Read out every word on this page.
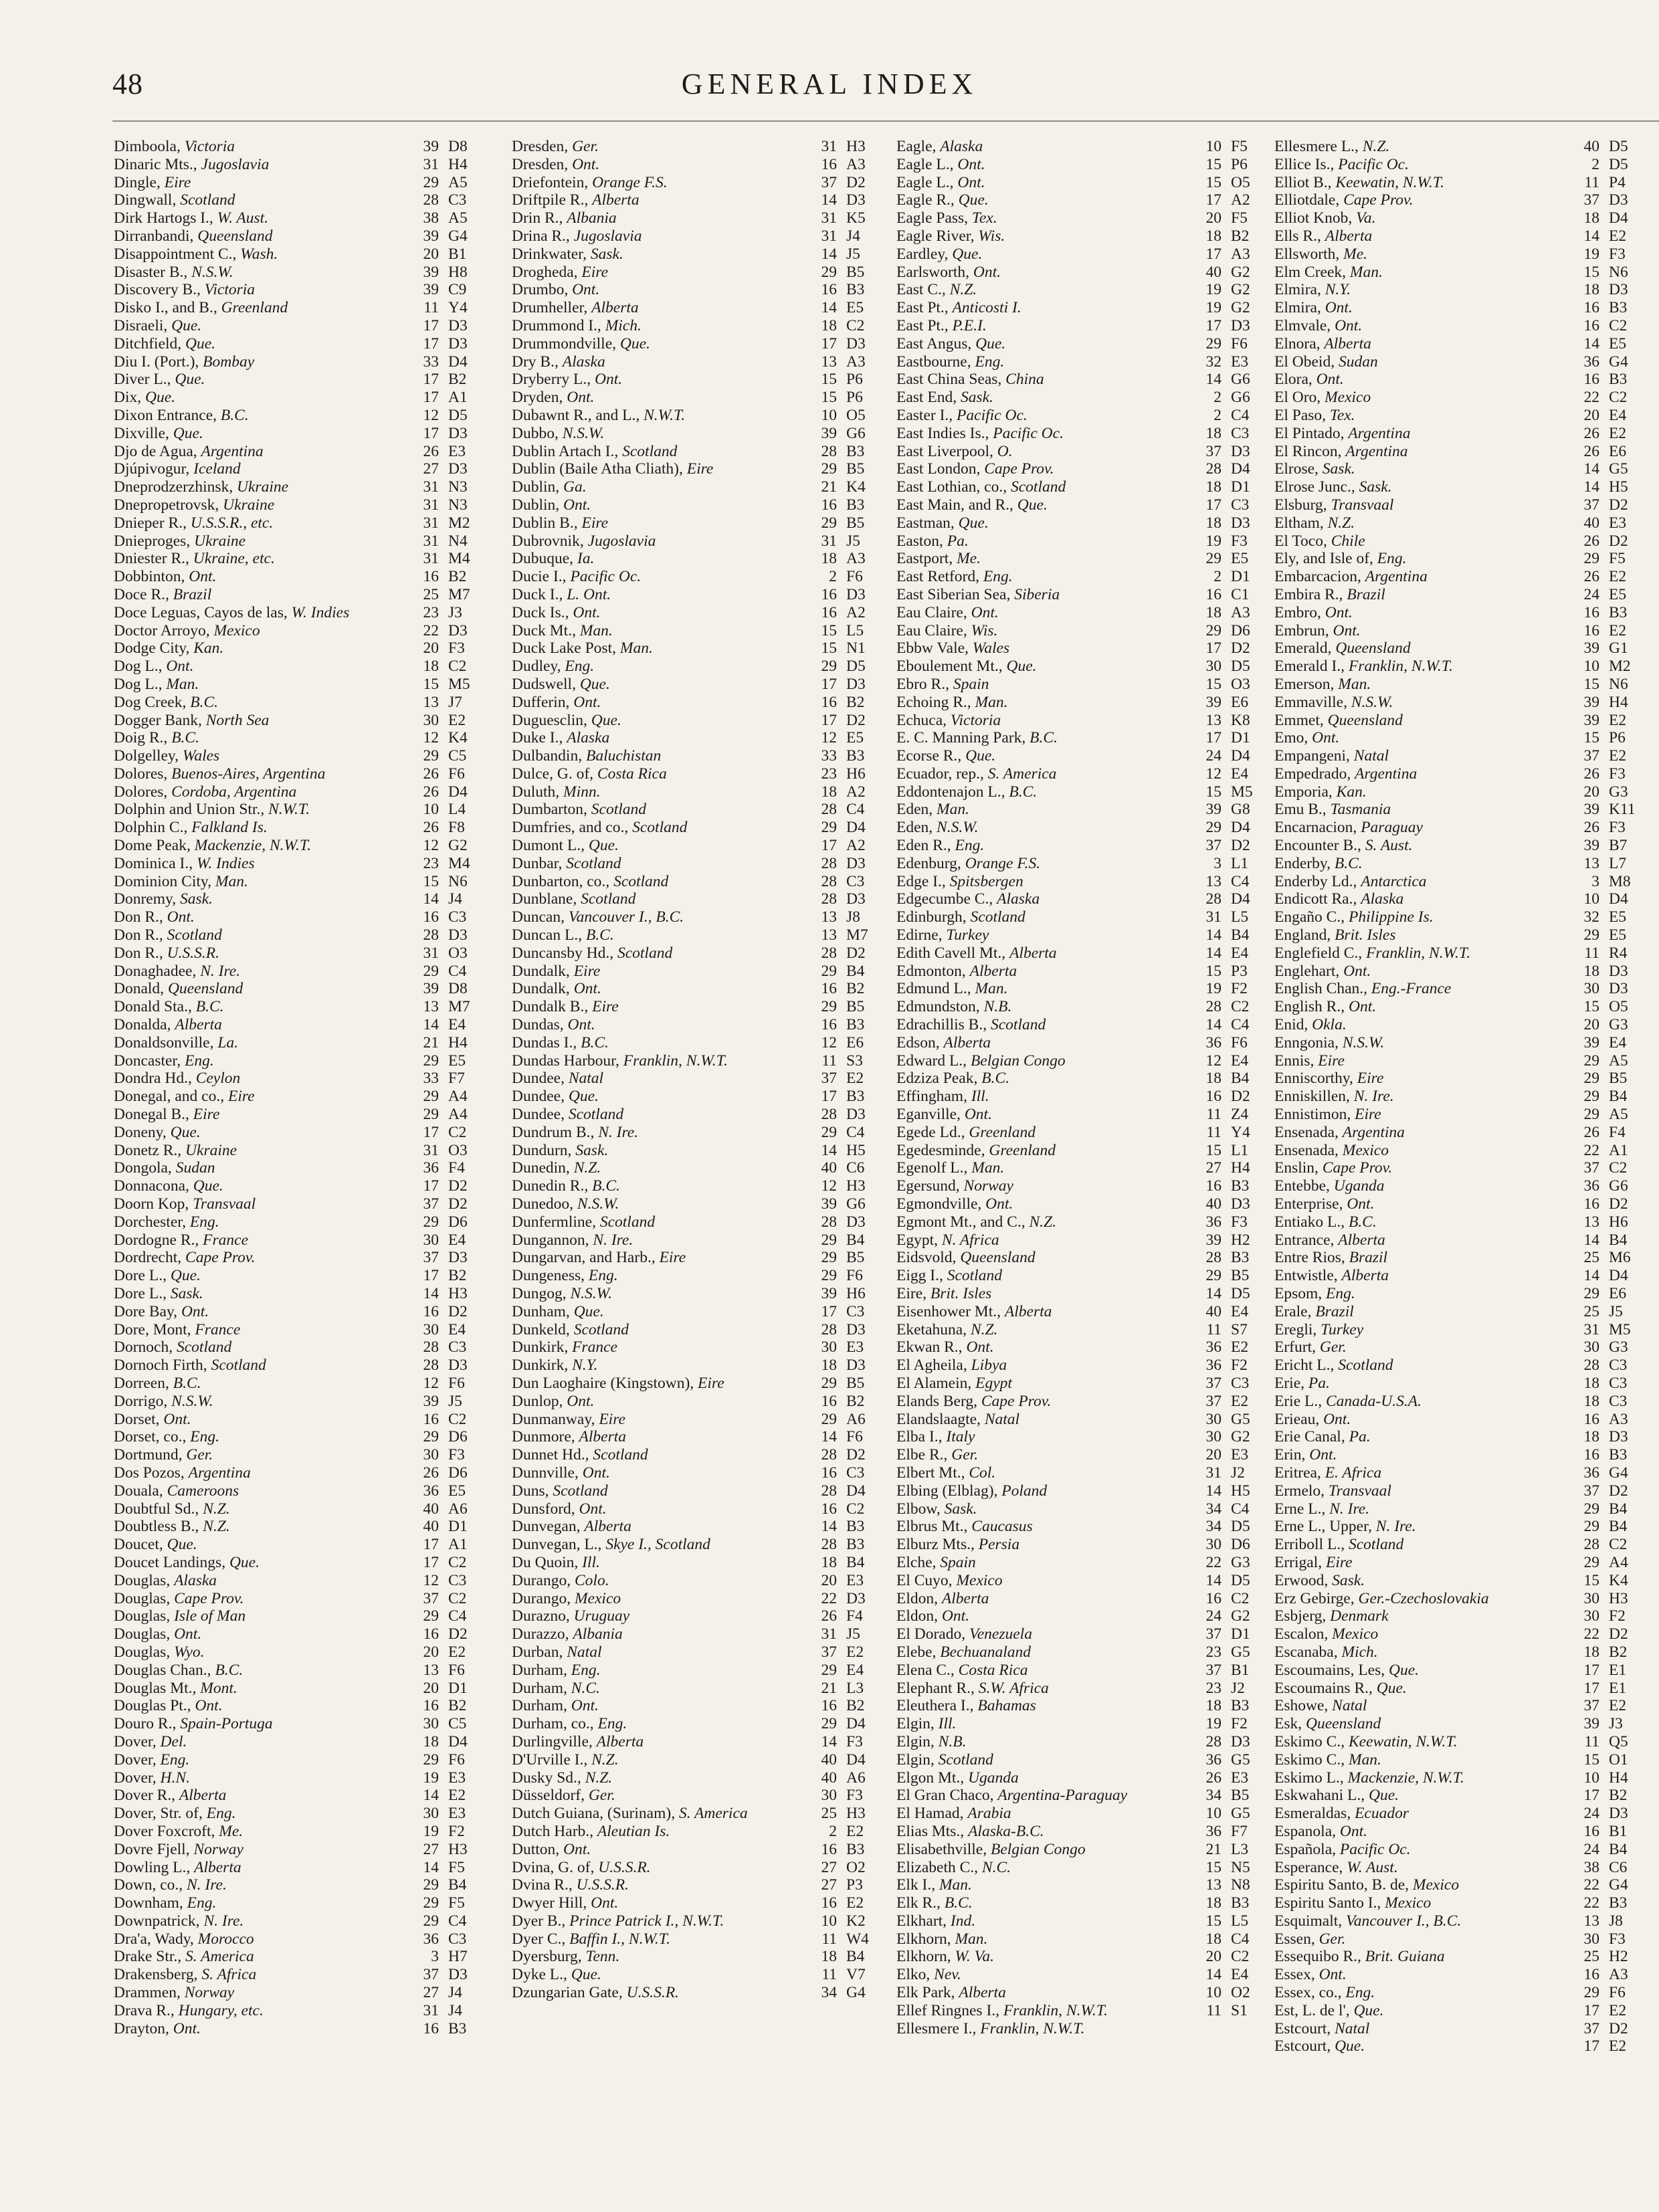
48	GENERAL INDEX
Dimboola, Victoria	39 D8
Dinaric Mts., Jugoslavia	31 H4
Dingle, Eire	29 A5
Dingwall, Scotland	28 C3
Dirk Hartogs I., W. Aust.	38 A5
Dirranbandi, Queensland	39 G4
Disappointment C., Wash.	20 B1
Disaster B., N.S.W.	39 H8
Discovery B., Victoria	39 C9
Disko I., and B., Greenland	11 Y4
Disraeli, Que.	17 D3
Ditchfield, Que.	17 D3
Diu I. (Port.), Bombay	33 D4
Diver L., Que.	17 B2
Dix, Que.	17 A1
Dixon Entrance, B.C.	12 D5
Dixville, Que.	17 D3
Djo de Agua, Argentina	26 E3
Djúpivogur, Iceland	27 D3
Dneprodzerzhinsk, Ukraine	31 N3
Dnepropetrovsk, Ukraine	31 N3
Dnieper R., U.S.S.R., etc.	31 M2
Dnieproges, Ukraine	31 N4
Dniester R., Ukraine, etc.	31 M4
Dobbinton, Ont.	16 B2
Doce R., Brazil	25 M7
Doce Leguas, Cayos de las, W. Indies	23 J3
Doctor Arroyo, Mexico	22 D3
Dodge City, Kan.	20 F3
Dog L., Ont.	18 C2
Dog L., Man.	15 M5
Dog Creek, B.C.	13 J7
Dogger Bank, North Sea	30 E2
Doig R., B.C.	12 K4
Dolgelley, Wales	29 C5
Dolores, Buenos-Aires, Argentina	26 F6
Dolores, Cordoba, Argentina	26 D4
Dolphin and Union Str., N.W.T.	10 L4
Dolphin C., Falkland Is.	26 F8
Dome Peak, Mackenzie, N.W.T.	12 G2
Dominica I., W. Indies	23 M4
Dominion City, Man.	15 N6
Donremy, Sask.	14 J4
Don R., Ont.	16 C3
Don R., Scotland	28 D3
Don R., U.S.S.R.	31 O3
Donaghadee, N. Ire.	29 C4
Donald, Queensland	39 D8
Donald Sta., B.C.	13 M7
Donalda, Alberta	14 E4
Donaldsonville, La.	21 H4
Doncaster, Eng.	29 E5
Dondra Hd., Ceylon	33 F7
Donegal, and co., Eire	29 A4
Donegal B., Eire	29 A4
Doneny, Que.	17 C2
Donetz R., Ukraine	31 O3
Dongola, Sudan	36 F4
Donnacona, Que.	17 D2
Doorn Kop, Transvaal	37 D2
Dorchester, Eng.	29 D6
Dordogne R., France	30 E4
Dordrecht, Cape Prov.	37 D3
Dore L., Que.	17 B2
Dore L., Sask.	14 H3
Dore Bay, Ont.	16 D2
Dore, Mont, France	30 E4
Dornoch, Scotland	28 C3
Dornoch Firth, Scotland	28 D3
Dorreen, B.C.	12 F6
Dorrigo, N.S.W.	39 J5
Dorset, Ont.	16 C2
Dorset, co., Eng.	29 D6
Dortmund, Ger.	30 F3
Dos Pozos, Argentina	26 D6
Douala, Cameroons	36 E5
Doubtful Sd., N.Z.	40 A6
Doubtless B., N.Z.	40 D1
Doucet, Que.	17 A1
Doucet Landings, Que.	17 C2
Douglas, Alaska	12 C3
Douglas, Cape Prov.	37 C2
Douglas, Isle of Man	29 C4
Douglas, Ont.	16 D2
Douglas, Wyo.	20 E2
Douglas Chan., B.C.	13 F6
Douglas Mt., Mont.	20 D1
Douglas Pt., Ont.	16 B2
Douro R., Spain-Portuga	30 C5
Dover, Del.	18 D4
Dover, Eng.	29 F6
Dover, H.N.	19 E3
Dover R., Alberta	14 E2
Dover, Str. of, Eng.	30 E3
Dover Foxcroft, Me.	19 F2
Dovre Fjell, Norway	27 H3
Dowling L., Alberta	14 F5
Down, co., N. Ire.	29 B4
Downham, Eng.	29 F5
Downpatrick, N. Ire.	29 C4
Dra'a, Wady, Morocco	36 C3
Drake Str., S. America	3 H7
Drakensberg, S. Africa	37 D3
Drammen, Norway	27 J4
Drava R., Hungary, etc.	31 J4
Drayton, Ont.	16 B3
Dresden, Ger.	31 H3
Dresden, Ont.	16 A3
Driefontein, Orange F.S.	37 D2
Driftpile R., Alberta	14 D3
Drin R., Albania	31 K5
Drina R., Jugoslavia	31 J4
Drinkwater, Sask.	14 J5
Drogheda, Eire	29 B5
Drumbo, Ont.	16 B3
Drumheller, Alberta	14 E5
Drummond I., Mich.	18 C2
Drummondville, Que.	17 D3
Dry B., Alaska	13 A3
Dryberry L., Ont.	15 P6
Dryden, Ont.	15 P6
Dubawnt R., and L., N.W.T.	10 O5
Dubbo, N.S.W.	39 G6
Dublin Artach I., Scotland	28 B3
Dublin (Baile Atha Cliath), Eire	29 B5
Dublin, Ga.	21 K4
Dublin, Ont.	16 B3
Dublin B., Eire	29 B5
Dubrovnik, Jugoslavia	31 J5
Dubuque, Ia.	18 A3
Ducie I., Pacific Oc.	2 F6
Duck I., L. Ont.	16 D3
Duck Is., Ont.	16 A2
Duck Mt., Man.	15 L5
Duck Lake Post, Man.	15 N1
Dudley, Eng.	29 D5
Dudswell, Que.	17 D3
Dufferin, Ont.	16 B2
Duguesclin, Que.	17 D2
Duke I., Alaska	12 E5
Dulbandin, Baluchistan	33 B3
Dulce, G. of, Costa Rica	23 H6
Duluth, Minn.	18 A2
Dumbarton, Scotland	28 C4
Dumfries, and co., Scotland	29 D4
Dumont L., Que.	17 A2
Dunbar, Scotland	28 D3
Dunbarton, co., Scotland	28 C3
Dunblane, Scotland	28 D3
Duncan, Vancouver I., B.C.	13 J8
Duncan L., B.C.	13 M7
Duncansby Hd., Scotland	28 D2
Dundalk, Eire	29 B4
Dundalk, Ont.	16 B2
Dundalk B., Eire	29 B5
Dundas, Ont.	16 B3
Dundas I., B.C.	12 E6
Dundas Harbour, Franklin, N.W.T.	11 S3
Dundee, Natal	37 E2
Dundee, Que.	17 B3
Dundee, Scotland	28 D3
Dundrum B., N. Ire.	29 C4
Dundurn, Sask.	14 H5
Dunedin, N.Z.	40 C6
Dunedin R., B.C.	12 H3
Dunedoo, N.S.W.	39 G6
Dunfermline, Scotland	28 D3
Dungannon, N. Ire.	29 B4
Dungarvan, and Harb., Eire	29 B5
Dungeness, Eng.	29 F6
Dungog, N.S.W.	39 H6
Dunham, Que.	17 C3
Dunkeld, Scotland	28 D3
Dunkirk, France	30 E3
Dunkirk, N.Y.	18 D3
Dun Laoghaire (Kingstown), Eire	29 B5
Dunlop, Ont.	16 B2
Dunmanway, Eire	29 A6
Dunmore, Alberta	14 F6
Dunnet Hd., Scotland	28 D2
Dunnville, Ont.	16 C3
Duns, Scotland	28 D4
Dunsford, Ont.	16 C2
Dunvegan, Alberta	14 B3
Dunvegan, L., Skye I., Scotland	28 B3
Du Quoin, Ill.	18 B4
Durango, Colo.	20 E3
Durango, Mexico	22 D3
Durazno, Uruguay	26 F4
Durazzo, Albania	31 J5
Durban, Natal	37 E2
Durham, Eng.	29 E4
Durham, N.C.	21 L3
Durham, Ont.	16 B2
Durham, co., Eng.	29 D4
Durlingville, Alberta	14 F3
D'Urville I., N.Z.	40 D4
Dusky Sd., N.Z.	40 A6
Düsseldorf, Ger.	30 F3
Dutch Guiana, (Surinam), S. America	25 H3
Dutch Harb., Aleutian Is.	2 E2
Dutton, Ont.	16 B3
Dvina, G. of, U.S.S.R.	27 O2
Dvina R., U.S.S.R.	27 P3
Dwyer Hill, Ont.	16 E2
Dyer B., Prince Patrick I., N.W.T.	10 K2
Dyer C., Baffin I., N.W.T.	11 W4
Dyersburg, Tenn.	18 B4
Dyke L., Que.	11 V7
Dzungarian Gate, U.S.S.R.	34 G4
Eagle, Alaska	10 F5
Eagle L., Ont.	15 P6
Eagle L., Ont.	15 O5
Eagle R., Que.	17 A2
Eagle Pass, Tex.	20 F5
Eagle River, Wis.	18 B2
Eardley, Que.	17 A3
Earlsworth, Ont.	40 G2
East C., N.Z.	19 G2
East Pt., Anticosti I.	19 G2
East Pt., P.E.I.	17 D3
East Angus, Que.	29 F6
Eastbourne, Eng.	32 E3
East China Seas, China	14 G6
East End, Sask.	2 G6
Easter I., Pacific Oc.	2 C4
East Indies Is., Pacific Oc.	18 C3
East Liverpool, O.	37 D3
East London, Cape Prov.	28 D4
East Lothian, co., Scotland	18 D1
East Main, and R., Que.	17 C3
Eastman, Que.	18 D3
Easton, Pa.	19 F3
Eastport, Me.	29 E5
East Retford, Eng.	2 D1
East Siberian Sea, Siberia	16 C1
Eau Claire, Ont.	18 A3
Eau Claire, Wis.	29 D6
Ebbw Vale, Wales	17 D2
Eboulement Mt., Que.	30 D5
Ebro R., Spain	15 O3
Echoing R., Man.	39 E6
Echuca, Victoria	13 K8
E. C. Manning Park, B.C.	17 D1
Ecorse R., Que.	24 D4
Ecuador, rep., S. America	12 E4
Eddontenajon L., B.C.	15 M5
Eden, Man.	39 G8
Eden, N.S.W.	29 D4
Eden R., Eng.	37 D2
Edenburg, Orange F.S.	3 L1
Edge I., Spitsbergen	13 C4
Edgecumbe C., Alaska	28 D4
Edinburgh, Scotland	31 L5
Edirne, Turkey	14 B4
Edith Cavell Mt., Alberta	14 E4
Edmonton, Alberta	15 P3
Edmund L., Man.	19 F2
Edmundston, N.B.	28 C2
Edrachillis B., Scotland	14 C4
Edson, Alberta	36 F6
Edward L., Belgian Congo	12 E4
Edziza Peak, B.C.	18 B4
Effingham, Ill.	16 D2
Eganville, Ont.	11 Z4
Egede Ld., Greenland	11 Y4
Egedesminde, Greenland	15 L1
Egenolf L., Man.	27 H4
Egersund, Norway	16 B3
Egmondville, Ont.	40 D3
Egmont Mt., and C., N.Z.	36 F3
Egypt, N. Africa	39 H2
Eidsvold, Queensland	28 B3
Eigg I., Scotland	29 B5
Eire, Brit. Isles	14 D5
Eisenhower Mt., Alberta	40 E4
Eketahuna, N.Z.	11 S7
Ekwan R., Ont.	36 E2
El Agheila, Libya	36 F2
El Alamein, Egypt	37 C3
Elands Berg, Cape Prov.	37 E2
Elandslaagte, Natal	30 G5
Elba I., Italy	30 G2
Elbe R., Ger.	20 E3
Elbert Mt., Col.	31 J2
Elbing (Elblag), Poland	14 H5
Elbow, Sask.	34 C4
Elbrus Mt., Caucasus	34 D5
Elburz Mts., Persia	30 D6
Elche, Spain	22 G3
El Cuyo, Mexico	14 D5
Eldon, Alberta	16 C2
Eldon, Ont.	24 G2
El Dorado, Venezuela	37 D1
Elebe, Bechuanaland	23 G5
Elena C., Costa Rica	37 B1
Elephant R., S.W. Africa	23 J2
Eleuthera I., Bahamas	18 B3
Elgin, Ill.	19 F2
Elgin, N.B.	28 D3
Elgin, Scotland	36 G5
Elgon Mt., Uganda	26 E3
El Gran Chaco, Argentina-Paraguay	34 B5
El Hamad, Arabia	10 G5
Elias Mts., Alaska-B.C.	36 F7
Elisabethville, Belgian Congo	21 L3
Elizabeth C., N.C.	15 N5
Elk I., Man.	13 N8
Elk R., B.C.	18 B3
Elkhart, Ind.	15 L5
Elkhorn, Man.	18 C4
Elkhorn, W. Va.	20 C2
Elko, Nev.	14 E4
Elk Park, Alberta	10 O2
Ellef Ringnes I., Franklin, N.W.T.	11 S1
Ellesmere I., Franklin, N.W.T.
Ellesmere L., N.Z.	40 D5
Ellice Is., Pacific Oc.	2 D5
Elliot B., Keewatin, N.W.T.	11 P4
Elliotdale, Cape Prov.	37 D3
Elliot Knob, Va.	18 D4
Ells R., Alberta	14 E2
Ellsworth, Me.	19 F3
Elm Creek, Man.	15 N6
Elmira, N.Y.	18 D3
Elmira, Ont.	16 B3
Elmvale, Ont.	16 C2
Elnora, Alberta	14 E5
El Obeid, Sudan	36 G4
Elora, Ont.	16 B3
El Oro, Mexico	22 C2
El Paso, Tex.	20 E4
El Pintado, Argentina	26 E2
El Rincon, Argentina	26 E6
Elrose, Sask.	14 G5
Elrose Junc., Sask.	14 H5
Elsburg, Transvaal	37 D2
Eltham, N.Z.	40 E3
El Toco, Chile	26 D2
Ely, and Isle of, Eng.	29 F5
Embarcacion, Argentina	26 E2
Embira R., Brazil	24 E5
Embro, Ont.	16 B3
Embrun, Ont.	16 E2
Emerald, Queensland	39 G1
Emerald I., Franklin, N.W.T.	10 M2
Emerson, Man.	15 N6
Emmaville, N.S.W.	39 H4
Emmet, Queensland	39 E2
Emo, Ont.	15 P6
Empangeni, Natal	37 E2
Empedrado, Argentina	26 F3
Emporia, Kan.	20 G3
Emu B., Tasmania	39 K11
Encarnacion, Paraguay	26 F3
Encounter B., S. Aust.	39 B7
Enderby, B.C.	13 L7
Enderby Ld., Antarctica	3 M8
Endicott Ra., Alaska	10 D4
Engaño C., Philippine Is.	32 E5
England, Brit. Isles	29 E5
Englefield C., Franklin, N.W.T.	11 R4
Englehart, Ont.	18 D3
English Chan., Eng.-France	30 D3
English R., Ont.	15 O5
Enid, Okla.	20 G3
Enngonia, N.S.W.	39 E4
Ennis, Eire	29 A5
Enniscorthy, Eire	29 B5
Enniskillen, N. Ire.	29 B4
Ennistimon, Eire	29 A5
Ensenada, Argentina	26 F4
Ensenada, Mexico	22 A1
Enslin, Cape Prov.	37 C2
Entebbe, Uganda	36 G6
Enterprise, Ont.	16 D2
Entiako L., B.C.	13 H6
Entrance, Alberta	14 B4
Entre Rios, Brazil	25 M6
Entwistle, Alberta	14 D4
Epsom, Eng.	29 E6
Erale, Brazil	25 J5
Eregli, Turkey	31 M5
Erfurt, Ger.	30 G3
Ericht L., Scotland	28 C3
Erie, Pa.	18 C3
Erie L., Canada-U.S.A.	18 C3
Erieau, Ont.	16 A3
Erie Canal, Pa.	18 D3
Erin, Ont.	16 B3
Eritrea, E. Africa	36 G4
Ermelo, Transvaal	37 D2
Erne L., N. Ire.	29 B4
Erne L., Upper, N. Ire.	29 B4
Erriboll L., Scotland	28 C2
Errigal, Eire	29 A4
Erwood, Sask.	15 K4
Erz Gebirge, Ger.-Czechoslovakia	30 H3
Esbjerg, Denmark	30 F2
Escalon, Mexico	22 D2
Escanaba, Mich.	18 B2
Escoumains, Les, Que.	17 E1
Escoumains R., Que.	17 E1
Eshowe, Natal	37 E2
Esk, Queensland	39 J3
Eskimo C., Keewatin, N.W.T.	11 Q5
Eskimo C., Man.	15 O1
Eskimo L., Mackenzie, N.W.T.	10 H4
Eskwahani L., Que.	17 B2
Esmeraldas, Ecuador	24 D3
Espanola, Ont.	16 B1
Española, Pacific Oc.	24 B4
Esperance, W. Aust.	38 C6
Espiritu Santo, B. de, Mexico	22 G4
Espiritu Santo I., Mexico	22 B3
Esquimalt, Vancouver I., B.C.	13 J8
Essen, Ger.	30 F3
Essequibo R., Brit. Guiana	25 H2
Essex, Ont.	16 A3
Essex, co., Eng.	29 F6
Est, L. de l', Que.	17 E2
Estcourt, Natal	37 D2
Estcourt, Que.	17 E2
